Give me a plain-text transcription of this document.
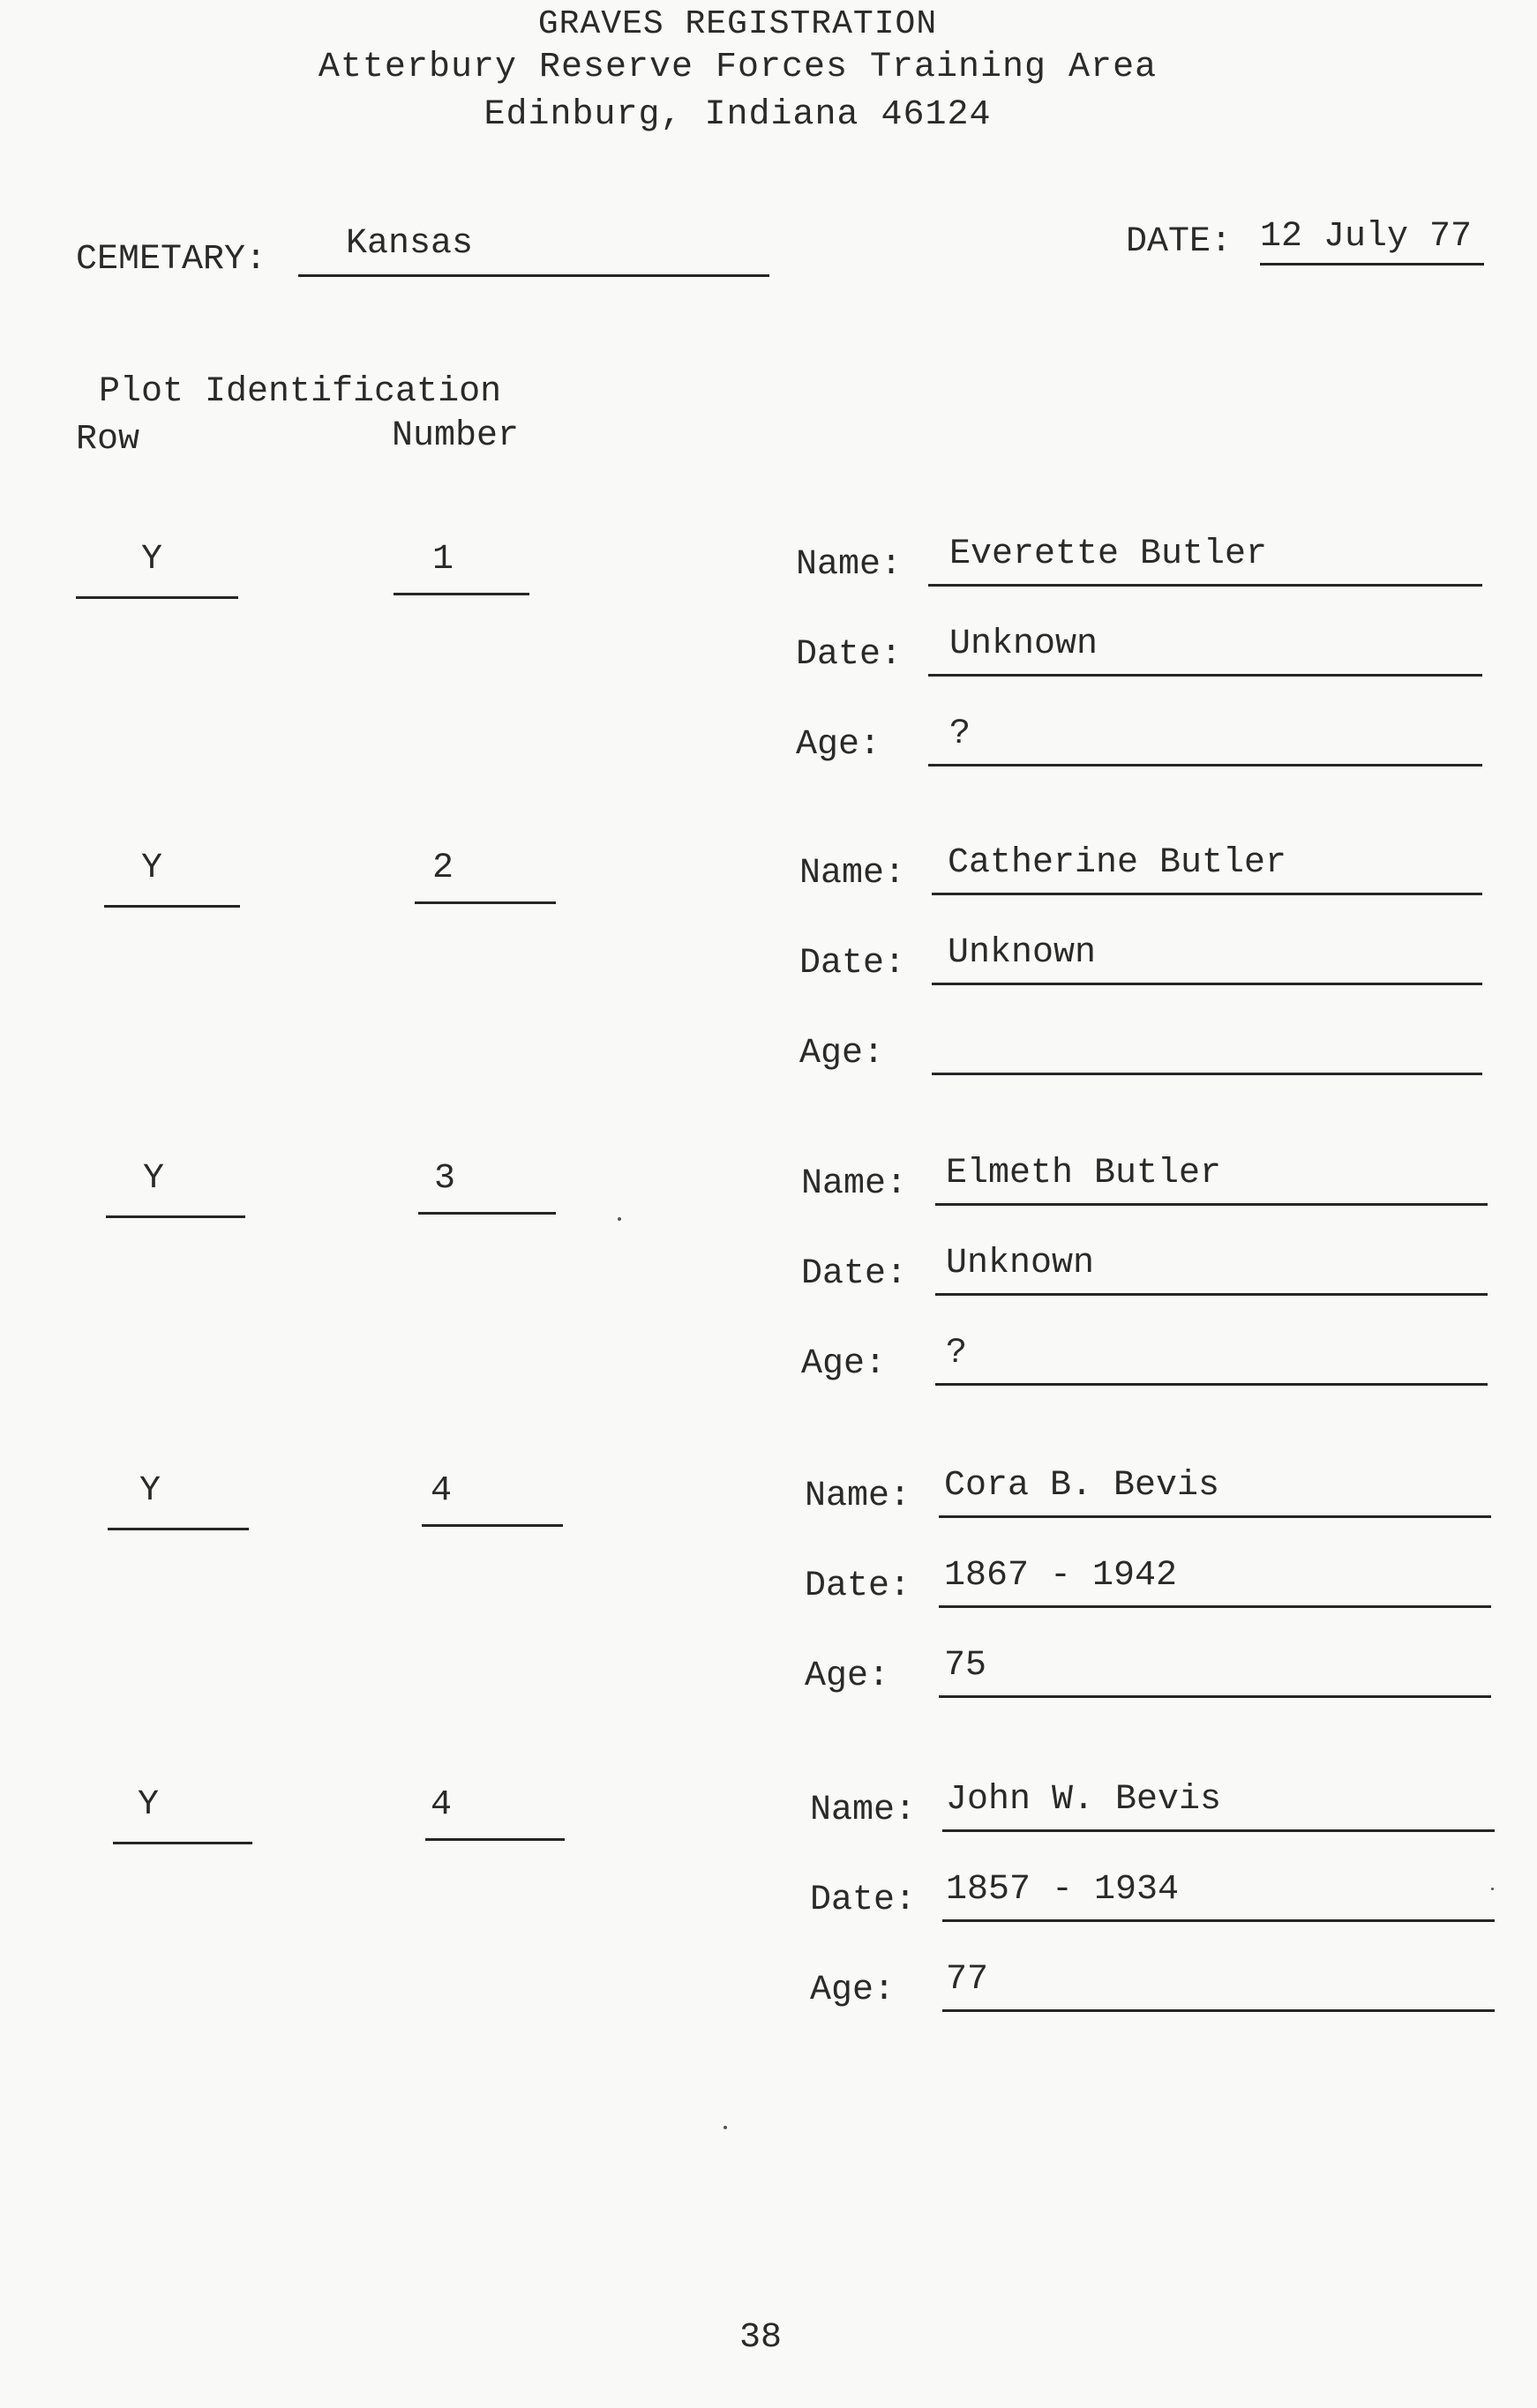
GRAVES REGISTRATION
Atterbury Reserve Forces Training Area
Edinburg, Indiana 46124
CEMETARY: Kansas	DATE: 12 July 77
Plot Identification
Row	Number
Y	1	Name: Everette Butler
Date: Unknown
Age: ?
Y	2	Name: Catherine Butler
Date: Unknown
Age:
Y	3	Name: Elmeth Butler
Date: Unknown
Age: ?
Y	4	Name: Cora B. Bevis
Date: 1867 - 1942
Age: 75
Y	4	Name: John W. Bevis
Date: 1857 - 1934
Age: 77
38
